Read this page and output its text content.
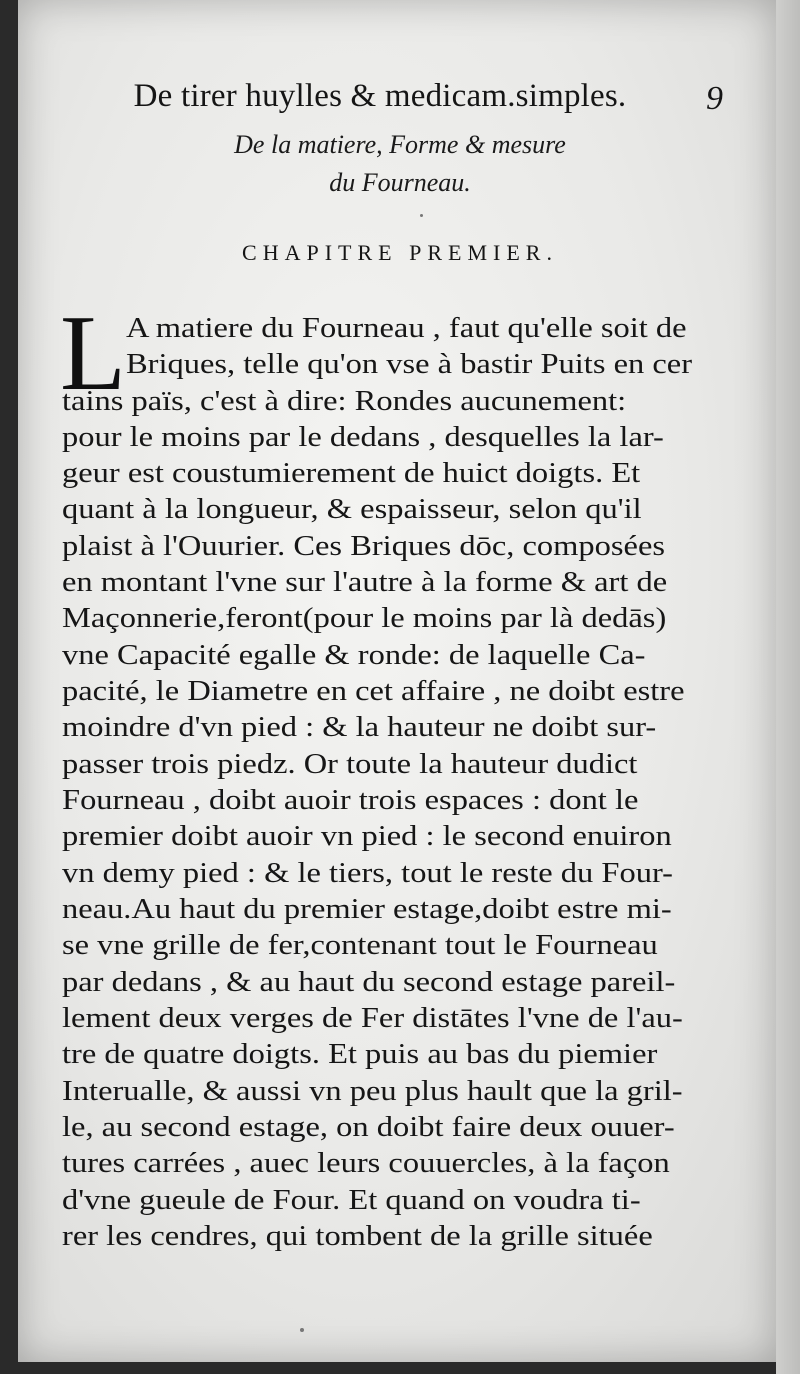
De tirer huylles & medicam.simples.	9
De la matiere, Forme & mesure
du Fourneau.
CHAPITRE PREMIER.
L A matiere du Fourneau , faut qu'elle soit de
Briques, telle qu'on vse à bastir Puits en cer
tains païs, c'est à dire: Rondes aucunement:
pour le moins par le dedans , desquelles la lar-
geur est coustumierement de huict doigts. Et
quant à la longueur, & espaisseur, selon qu'il
plaist à l'Ouurier. Ces Briques dōc, composées
en montant l'vne sur l'autre à la forme & art de
Maçonnerie,feront(pour le moins par là dedās)
vne Capacité egalle & ronde: de laquelle Ca-
pacité, le Diametre en cet affaire , ne doibt estre
moindre d'vn pied : & la hauteur ne doibt sur-
passer trois piedz. Or toute la hauteur dudict
Fourneau , doibt auoir trois espaces : dont le
premier doibt auoir vn pied : le second enuiron
vn demy pied : & le tiers, tout le reste du Four-
neau.Au haut du premier estage,doibt estre mi-
se vne grille de fer,contenant tout le Fourneau
par dedans , & au haut du second estage pareil-
lement deux verges de Fer distātes l'vne de l'au-
tre de quatre doigts. Et puis au bas du piemier
Interualle, & aussi vn peu plus hault que la gril-
le, au second estage, on doibt faire deux ouuer-
tures carrées , auec leurs couuercles, à la façon
d'vne gueule de Four. Et quand on voudra ti-
rer les cendres, qui tombent de la grille située
